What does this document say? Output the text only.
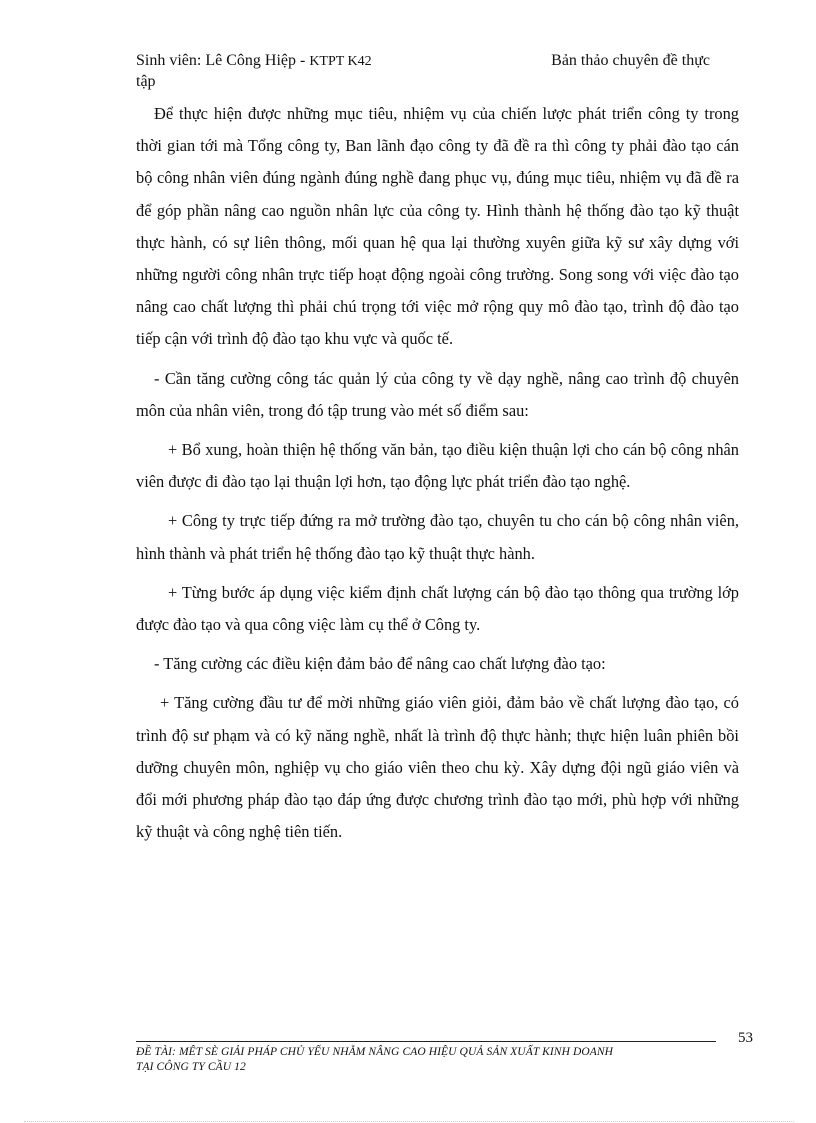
Sinh viên: Lê Công Hiệp - KTPT K42	Bản thảo chuyên đề thực
tập

Để thực hiện được những mục tiêu, nhiệm vụ của chiến lược phát triển công ty trong thời gian tới mà Tổng công ty, Ban lãnh đạo công ty đã đề ra thì công ty phải đào tạo cán bộ công nhân viên đúng ngành đúng nghề đang phục vụ, đúng mục tiêu, nhiệm vụ đã đề ra để góp phần nâng cao nguồn nhân lực của công ty. Hình thành hệ thống đào tạo kỹ thuật thực hành, có sự liên thông, mối quan hệ qua lại thường xuyên giữa kỹ sư xây dựng với những người công nhân trực tiếp hoạt động ngoài công trường. Song song với việc đào tạo nâng cao chất lượng thì phải chú trọng tới việc mở rộng quy mô đào tạo, trình độ đào tạo tiếp cận với trình độ đào tạo khu vực và quốc tế.

- Cần tăng cường công tác quản lý của công ty về dạy nghề, nâng cao trình độ chuyên môn của nhân viên, trong đó tập trung vào mét số điểm sau:

+ Bổ xung, hoàn thiện hệ thống văn bản, tạo điều kiện thuận lợi cho cán bộ công nhân viên được đi đào tạo lại thuận lợi hơn, tạo động lực phát triển đào tạo nghệ.

+ Công ty trực tiếp đứng ra mở trường đào tạo, chuyên tu cho cán bộ công nhân viên, hình thành và phát triển hệ thống đào tạo kỹ thuật thực hành.

+ Từng bước áp dụng việc kiểm định chất lượng cán bộ đào tạo thông qua trường lớp được đào tạo và qua công việc làm cụ thể ở Công ty.

- Tăng cường các điều kiện đảm bảo để nâng cao chất lượng đào tạo:

+ Tăng cường đầu tư để mời những giáo viên giỏi, đảm bảo về chất lượng đào tạo, có trình độ sư phạm và có kỹ năng nghề, nhất là trình độ thực hành; thực hiện luân phiên bồi dưỡng chuyên môn, nghiệp vụ cho giáo viên theo chu kỳ. Xây dựng đội ngũ giáo viên và đổi mới phương pháp đào tạo đáp ứng được chương trình đào tạo mới, phù hợp với những kỹ thuật và công nghệ tiên tiến.

53
ĐỀ TÀI: MÊT SÈ GIẢI PHÁP CHỦ YẾU NHẰM NÂNG CAO HIỆU QUẢ SẢN XUẤT KINH DOANH
TẠI CÔNG TY CẦU 12
